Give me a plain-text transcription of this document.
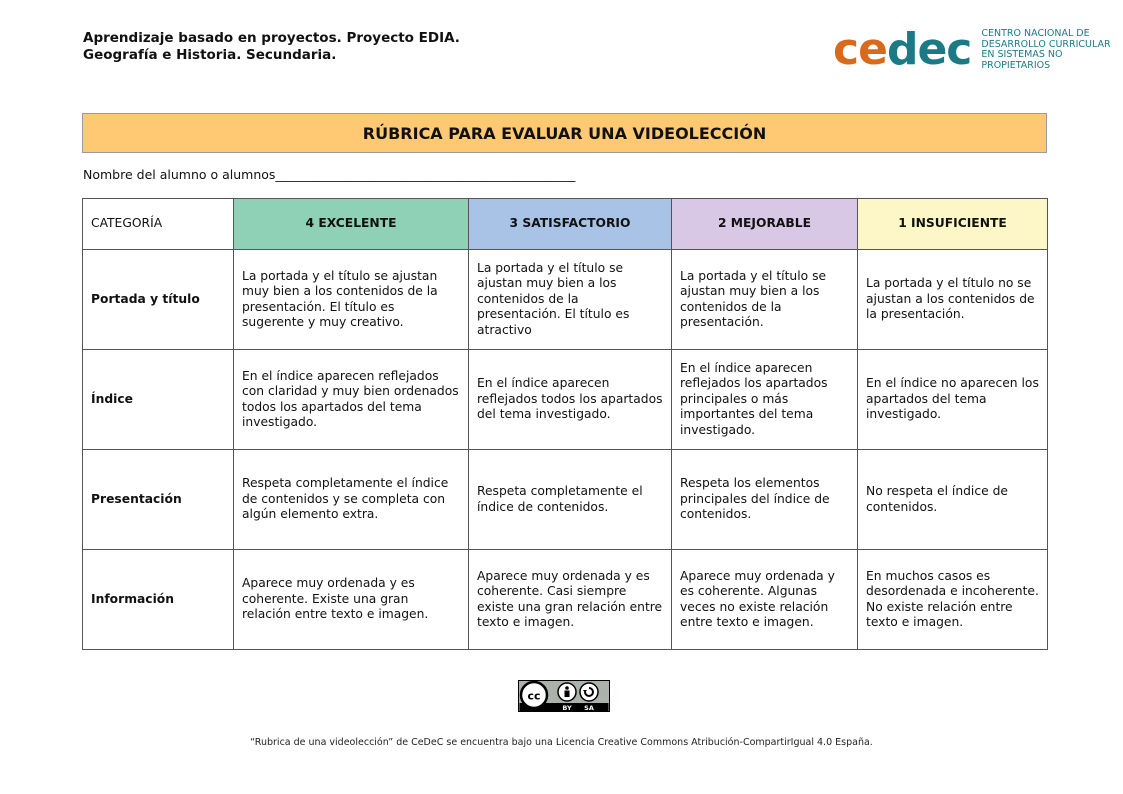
Aprendizaje basado en proyectos. Proyecto EDIA.
Geografía e Historia. Secundaria.	cedec CENTRO NACIONAL DE
DESARROLLO CURRICULAR
EN SISTEMAS NO PROPIETARIOS
RÚBRICA PARA EVALUAR UNA VIDEOLECCIÓN
Nombre del alumno o alumnos________________________________________________
CATEGORÍA	4 EXCELENTE	3 SATISFACTORIO	2 MEJORABLE	1 INSUFICIENTE
Portada y título	La portada y el título se ajustan muy bien a los contenidos de la presentación. El título es sugerente y muy creativo.	La portada y el título se ajustan muy bien a los contenidos de la presentación. El título es atractivo	La portada y el título se ajustan muy bien a los contenidos de la presentación.	La portada y el título no se ajustan a los contenidos de la presentación.
Índice	En el índice aparecen reflejados con claridad y muy bien ordenados todos los apartados del tema investigado.	En el índice aparecen reflejados todos los apartados del tema investigado.	En el índice aparecen reflejados los apartados principales o más importantes del tema investigado.	En el índice no aparecen los apartados del tema investigado.
Presentación	Respeta completamente el índice de contenidos y se completa con algún elemento extra.	Respeta completamente el índice de contenidos.	Respeta los elementos principales del índice de contenidos.	No respeta el índice de contenidos.
Información	Aparece muy ordenada y es coherente. Existe una gran relación entre texto e imagen.	Aparece muy ordenada y es coherente. Casi siempre existe una gran relación entre texto e imagen.	Aparece muy ordenada y es coherente. Algunas veces no existe relación entre texto e imagen.	En muchos casos es desordenada e incoherente. No existe relación entre texto e imagen.
cc
BY SA
“Rubrica de una videolección” de CeDeC se encuentra bajo una Licencia Creative Commons Atribución-CompartirIgual 4.0 España.
